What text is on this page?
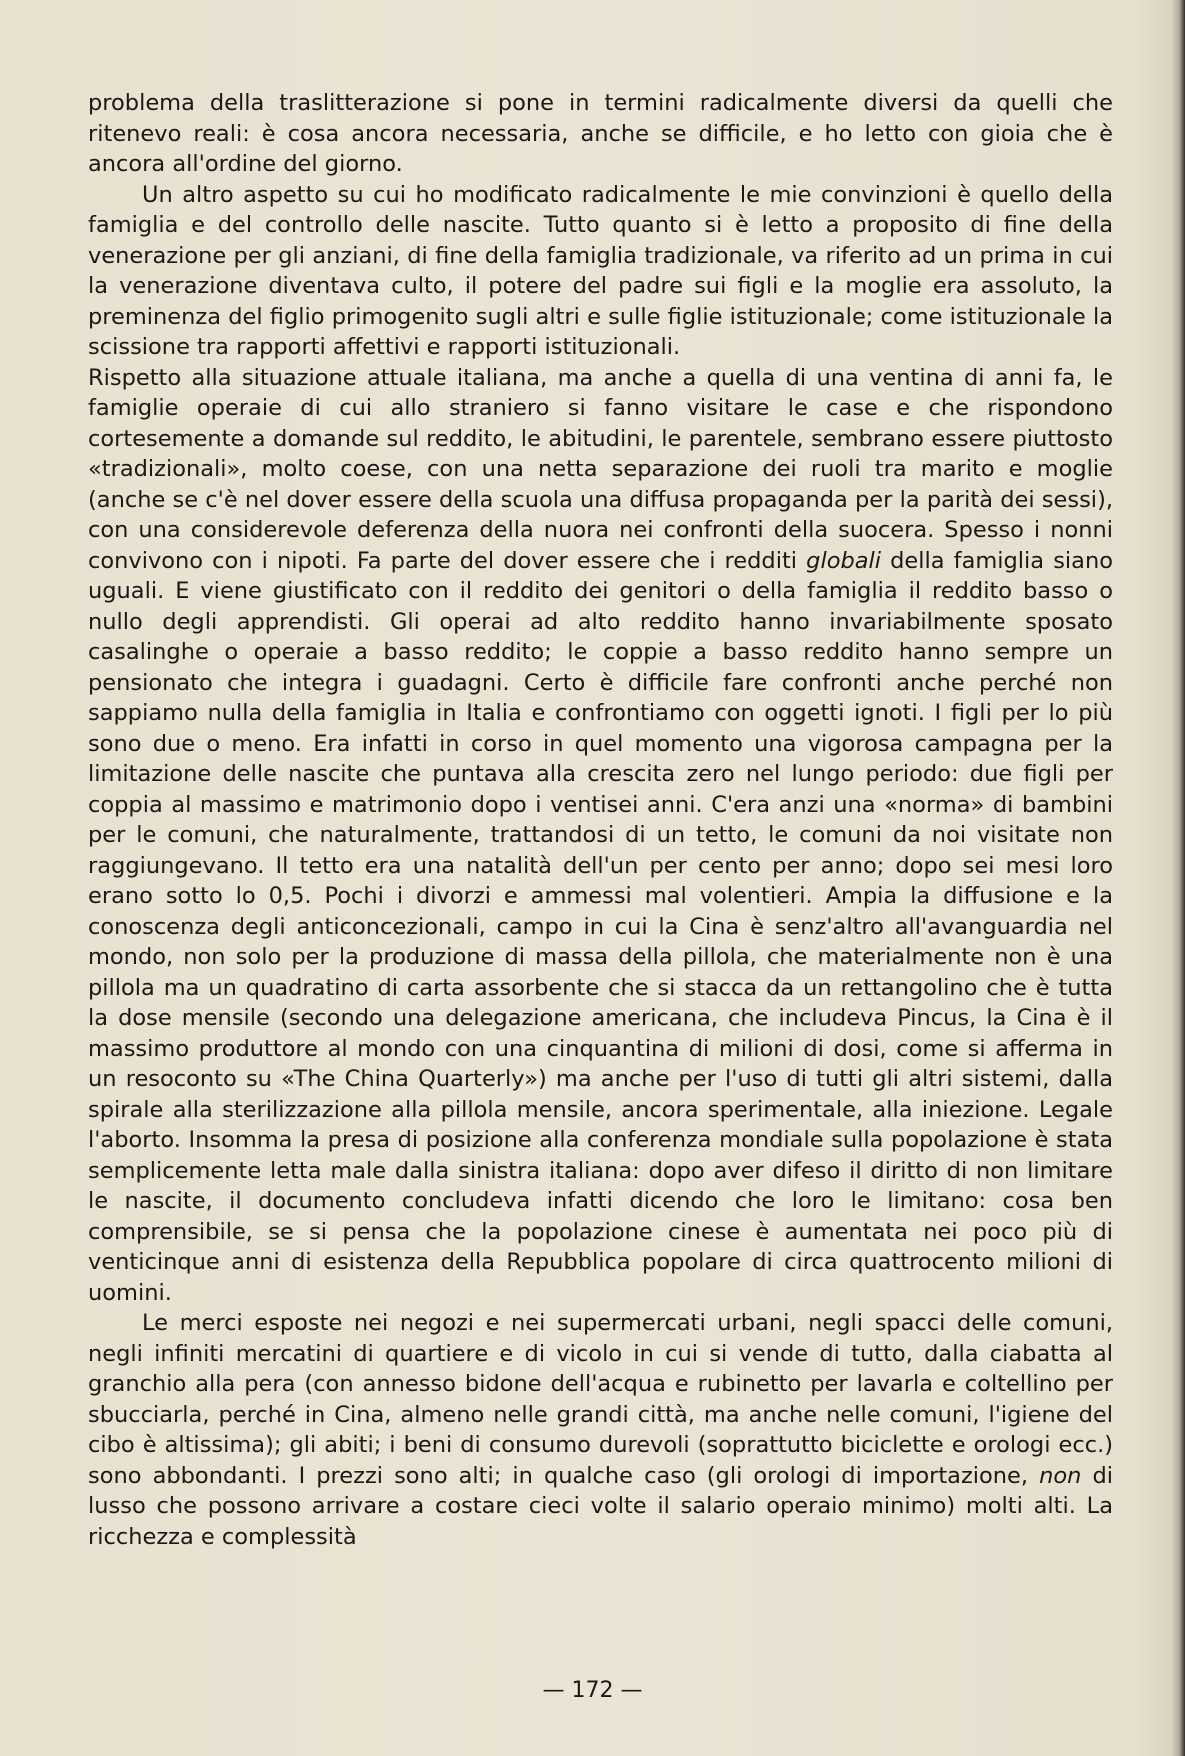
problema della traslitterazione si pone in termini radicalmente diversi da quelli che ritenevo reali: è cosa ancora necessaria, anche se difficile, e ho letto con gioia che è ancora all'ordine del giorno.

Un altro aspetto su cui ho modificato radicalmente le mie convinzioni è quello della famiglia e del controllo delle nascite. Tutto quanto si è letto a proposito di fine della venerazione per gli anziani, di fine della famiglia tradizionale, va riferito ad un prima in cui la venerazione diventava culto, il potere del padre sui figli e la moglie era assoluto, la preminenza del figlio primogenito sugli altri e sulle figlie istituzionale; come istituzionale la scissione tra rapporti affettivi e rapporti istituzionali.

Rispetto alla situazione attuale italiana, ma anche a quella di una ventina di anni fa, le famiglie operaie di cui allo straniero si fanno visitare le case e che rispondono cortesemente a domande sul reddito, le abitudini, le parentele, sembrano essere piuttosto «tradizionali», molto coese, con una netta separazione dei ruoli tra marito e moglie (anche se c'è nel dover essere della scuola una diffusa propaganda per la parità dei sessi), con una considerevole deferenza della nuora nei confronti della suocera. Spesso i nonni convivono con i nipoti. Fa parte del dover essere che i redditi globali della famiglia siano uguali. E viene giustificato con il reddito dei genitori o della famiglia il reddito basso o nullo degli apprendisti. Gli operai ad alto reddito hanno invariabilmente sposato casalinghe o operaie a basso reddito; le coppie a basso reddito hanno sempre un pensionato che integra i guadagni. Certo è difficile fare confronti anche perché non sappiamo nulla della famiglia in Italia e confrontiamo con oggetti ignoti. I figli per lo più sono due o meno. Era infatti in corso in quel momento una vigorosa campagna per la limitazione delle nascite che puntava alla crescita zero nel lungo periodo: due figli per coppia al massimo e matrimonio dopo i ventisei anni. C'era anzi una «norma» di bambini per le comuni, che naturalmente, trattandosi di un tetto, le comuni da noi visitate non raggiungevano. Il tetto era una natalità dell'un per cento per anno; dopo sei mesi loro erano sotto lo 0,5. Pochi i divorzi e ammessi mal volentieri. Ampia la diffusione e la conoscenza degli anticoncezionali, campo in cui la Cina è senz'altro all'avanguardia nel mondo, non solo per la produzione di massa della pillola, che materialmente non è una pillola ma un quadratino di carta assorbente che si stacca da un rettangolino che è tutta la dose mensile (secondo una delegazione americana, che includeva Pincus, la Cina è il massimo produttore al mondo con una cinquantina di milioni di dosi, come si afferma in un resoconto su «The China Quarterly») ma anche per l'uso di tutti gli altri sistemi, dalla spirale alla sterilizzazione alla pillola mensile, ancora sperimentale, alla iniezione. Legale l'aborto. Insomma la presa di posizione alla conferenza mondiale sulla popolazione è stata semplicemente letta male dalla sinistra italiana: dopo aver difeso il diritto di non limitare le nascite, il documento concludeva infatti dicendo che loro le limitano: cosa ben comprensibile, se si pensa che la popolazione cinese è aumentata nei poco più di venticinque anni di esistenza della Repubblica popolare di circa quattrocento milioni di uomini.

Le merci esposte nei negozi e nei supermercati urbani, negli spacci delle comuni, negli infiniti mercatini di quartiere e di vicolo in cui si vende di tutto, dalla ciabatta al granchio alla pera (con annesso bidone dell'acqua e rubinetto per lavarla e coltellino per sbucciarla, perché in Cina, almeno nelle grandi città, ma anche nelle comuni, l'igiene del cibo è altissima); gli abiti; i beni di consumo durevoli (soprattutto biciclette e orologi ecc.) sono abbondanti. I prezzi sono alti; in qualche caso (gli orologi di importazione, non di lusso che possono arrivare a costare cieci volte il salario operaio minimo) molti alti. La ricchezza e complessità

— 172 —
